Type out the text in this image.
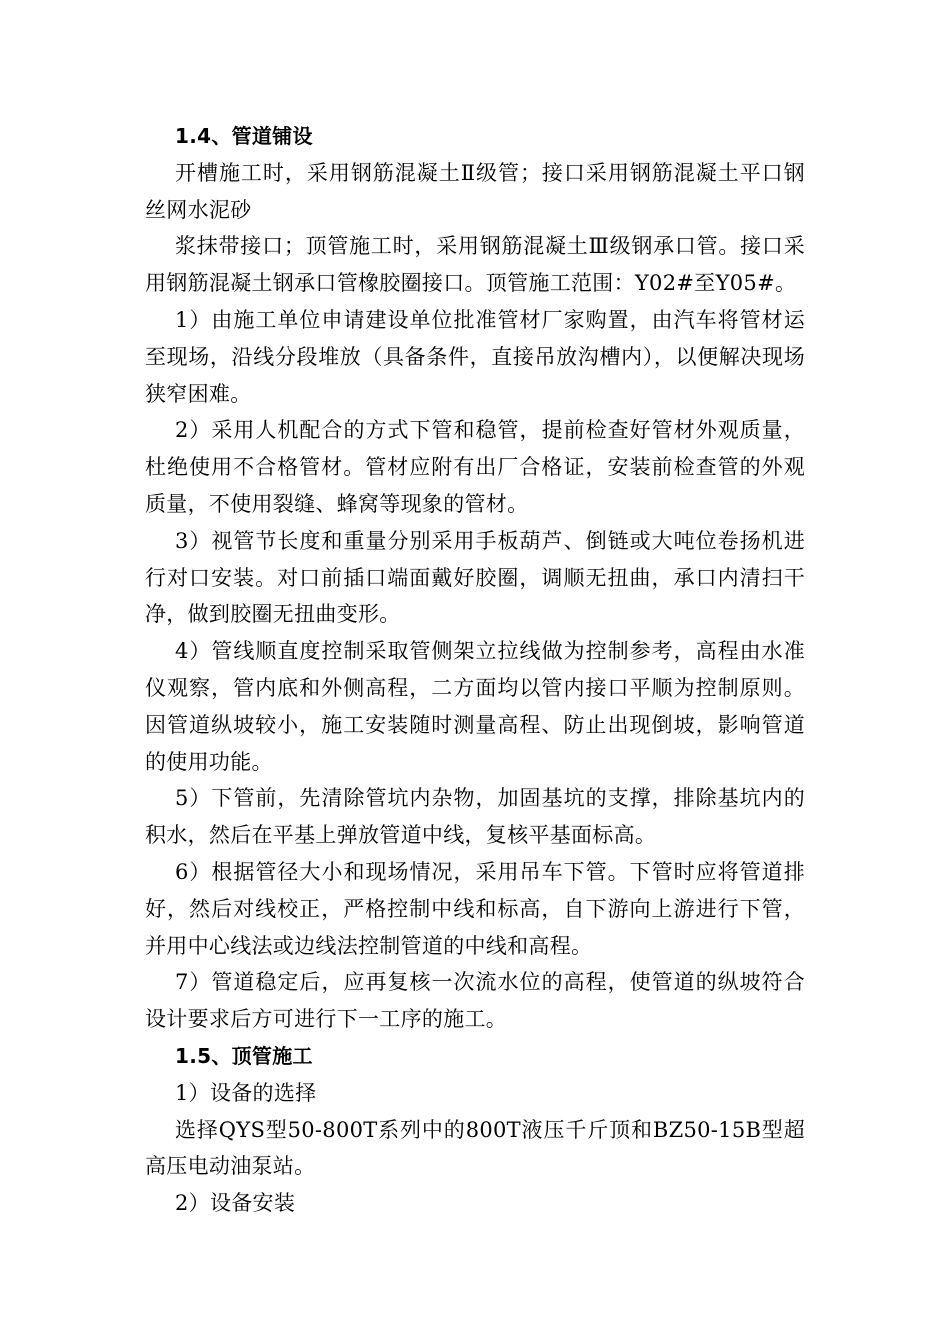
1.4、管道铺设

开槽施工时，采用钢筋混凝土Ⅱ级管；接口采用钢筋混凝土平口钢丝网水泥砂

浆抹带接口；顶管施工时，采用钢筋混凝土Ⅲ级钢承口管。接口采用钢筋混凝土钢承口管橡胶圈接口。顶管施工范围：Y02#至Y05#。

1）由施工单位申请建设单位批准管材厂家购置，由汽车将管材运至现场，沿线分段堆放（具备条件，直接吊放沟槽内），以便解决现场狭窄困难。

2）采用人机配合的方式下管和稳管，提前检查好管材外观质量，杜绝使用不合格管材。管材应附有出厂合格证，安装前检查管的外观质量，不使用裂缝、蜂窝等现象的管材。

3）视管节长度和重量分别采用手板葫芦、倒链或大吨位卷扬机进行对口安装。对口前插口端面戴好胶圈，调顺无扭曲，承口内清扫干净，做到胶圈无扭曲变形。

4）管线顺直度控制采取管侧架立拉线做为控制参考，高程由水准仪观察，管内底和外侧高程，二方面均以管内接口平顺为控制原则。因管道纵坡较小，施工安装随时测量高程、防止出现倒坡，影响管道的使用功能。

5）下管前，先清除管坑内杂物，加固基坑的支撑，排除基坑内的积水，然后在平基上弹放管道中线，复核平基面标高。

6）根据管径大小和现场情况，采用吊车下管。下管时应将管道排好，然后对线校正，严格控制中线和标高，自下游向上游进行下管，并用中心线法或边线法控制管道的中线和高程。

7）管道稳定后，应再复核一次流水位的高程，使管道的纵坡符合设计要求后方可进行下一工序的施工。

1.5、顶管施工

1）设备的选择

选择QYS型50-800T系列中的800T液压千斤顶和BZ50-15B型超高压电动油泵站。

2）设备安装
